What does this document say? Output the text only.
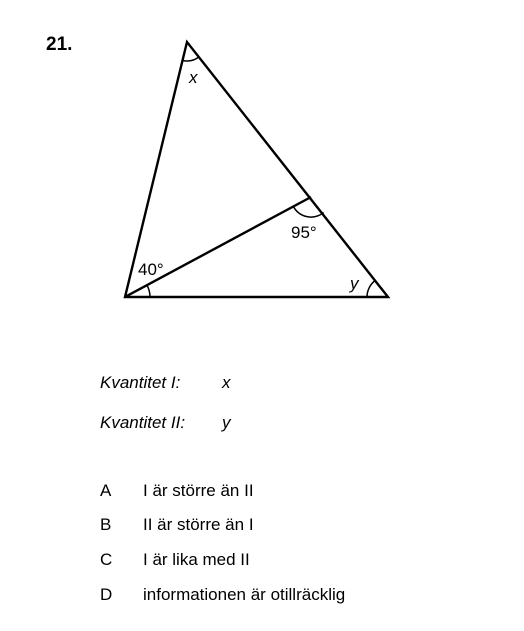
21.
x
40°
95°
y
Kvantitet I: x
Kvantitet II: y
A I är större än II
B II är större än I
C I är lika med II
D informationen är otillräcklig
